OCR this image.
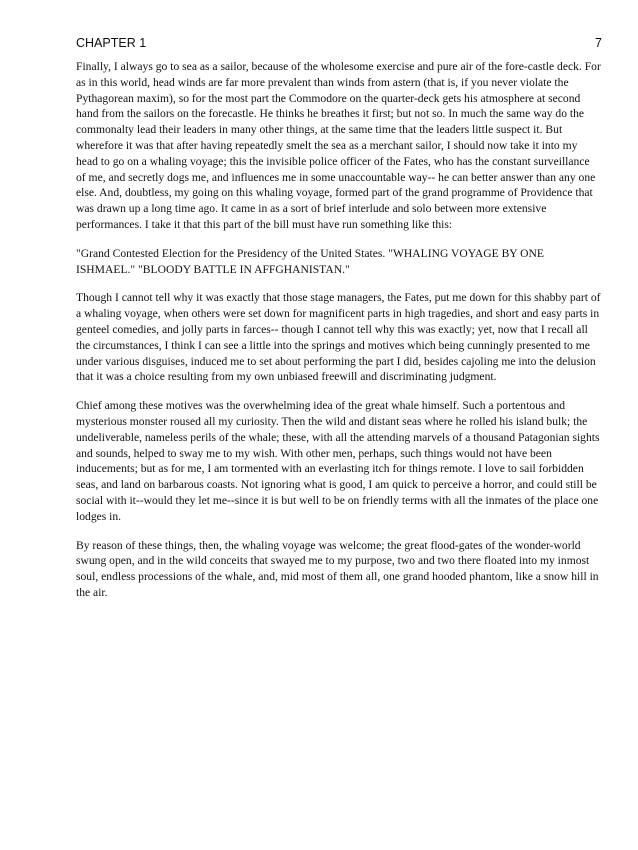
CHAPTER 1	7

Finally, I always go to sea as a sailor, because of the wholesome exercise and pure air of the fore-castle deck. For as in this world, head winds are far more prevalent than winds from astern (that is, if you never violate the Pythagorean maxim), so for the most part the Commodore on the quarter-deck gets his atmosphere at second hand from the sailors on the forecastle. He thinks he breathes it first; but not so. In much the same way do the commonalty lead their leaders in many other things, at the same time that the leaders little suspect it. But wherefore it was that after having repeatedly smelt the sea as a merchant sailor, I should now take it into my head to go on a whaling voyage; this the invisible police officer of the Fates, who has the constant surveillance of me, and secretly dogs me, and influences me in some unaccountable way-- he can better answer than any one else. And, doubtless, my going on this whaling voyage, formed part of the grand programme of Providence that was drawn up a long time ago. It came in as a sort of brief interlude and solo between more extensive performances. I take it that this part of the bill must have run something like this:

"Grand Contested Election for the Presidency of the United States. "WHALING VOYAGE BY ONE ISHMAEL." "BLOODY BATTLE IN AFFGHANISTAN."

Though I cannot tell why it was exactly that those stage managers, the Fates, put me down for this shabby part of a whaling voyage, when others were set down for magnificent parts in high tragedies, and short and easy parts in genteel comedies, and jolly parts in farces-- though I cannot tell why this was exactly; yet, now that I recall all the circumstances, I think I can see a little into the springs and motives which being cunningly presented to me under various disguises, induced me to set about performing the part I did, besides cajoling me into the delusion that it was a choice resulting from my own unbiased freewill and discriminating judgment.

Chief among these motives was the overwhelming idea of the great whale himself. Such a portentous and mysterious monster roused all my curiosity. Then the wild and distant seas where he rolled his island bulk; the undeliverable, nameless perils of the whale; these, with all the attending marvels of a thousand Patagonian sights and sounds, helped to sway me to my wish. With other men, perhaps, such things would not have been inducements; but as for me, I am tormented with an everlasting itch for things remote. I love to sail forbidden seas, and land on barbarous coasts. Not ignoring what is good, I am quick to perceive a horror, and could still be social with it--would they let me--since it is but well to be on friendly terms with all the inmates of the place one lodges in.

By reason of these things, then, the whaling voyage was welcome; the great flood-gates of the wonder-world swung open, and in the wild conceits that swayed me to my purpose, two and two there floated into my inmost soul, endless processions of the whale, and, mid most of them all, one grand hooded phantom, like a snow hill in the air.
